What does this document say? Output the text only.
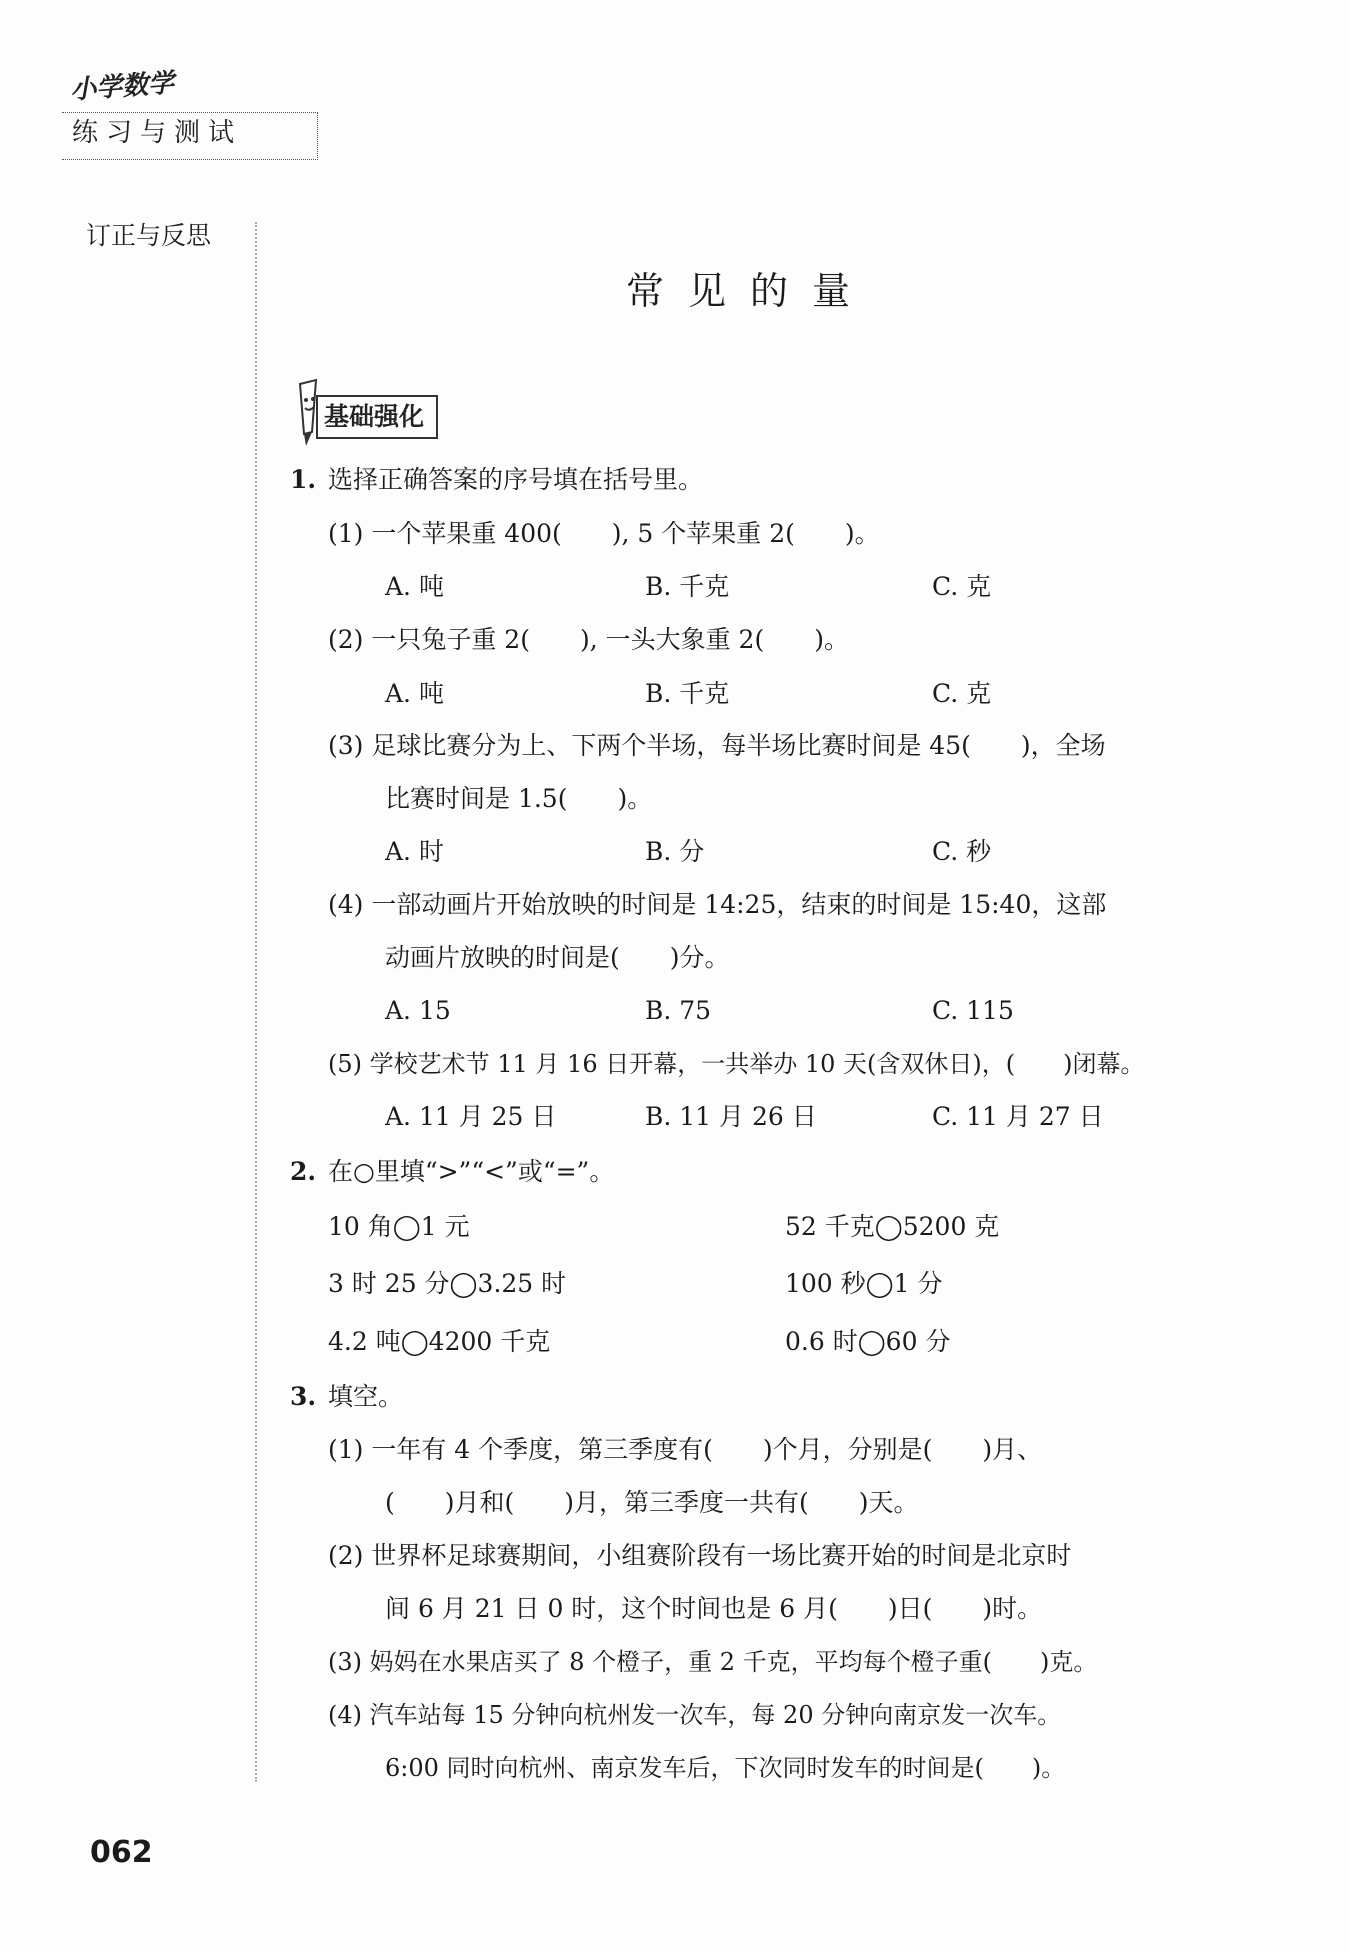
小学数学
练习与测试
订正与反思
常见的量
基础强化
1. 选择正确答案的序号填在括号里。
(1) 一个苹果重 400(　　), 5 个苹果重 2(　　)。
A. 吨	B. 千克	C. 克
(2) 一只兔子重 2(　　), 一头大象重 2(　　)。
A. 吨	B. 千克	C. 克
(3) 足球比赛分为上、下两个半场，每半场比赛时间是 45(　　)，全场
比赛时间是 1.5(　　)。
A. 时	B. 分	C. 秒
(4) 一部动画片开始放映的时间是 14:25，结束的时间是 15:40，这部
动画片放映的时间是(　　)分。
A. 15	B. 75	C. 115
(5) 学校艺术节 11 月 16 日开幕，一共举办 10 天(含双休日)，(　　)闭幕。
A. 11 月 25 日	B. 11 月 26 日	C. 11 月 27 日
2. 在○里填“>”“<”或“=”。
10 角◯1 元	52 千克◯5200 克
3 时 25 分◯3.25 时	100 秒◯1 分
4.2 吨◯4200 千克	0.6 时◯60 分
3. 填空。
(1) 一年有 4 个季度，第三季度有(　　)个月，分别是(　　)月、
(　　)月和(　　)月，第三季度一共有(　　)天。
(2) 世界杯足球赛期间，小组赛阶段有一场比赛开始的时间是北京时
间 6 月 21 日 0 时，这个时间也是 6 月(　　)日(　　)时。
(3) 妈妈在水果店买了 8 个橙子，重 2 千克，平均每个橙子重(　　)克。
(4) 汽车站每 15 分钟向杭州发一次车，每 20 分钟向南京发一次车。
6:00 同时向杭州、南京发车后，下次同时发车的时间是(　　)。
062
